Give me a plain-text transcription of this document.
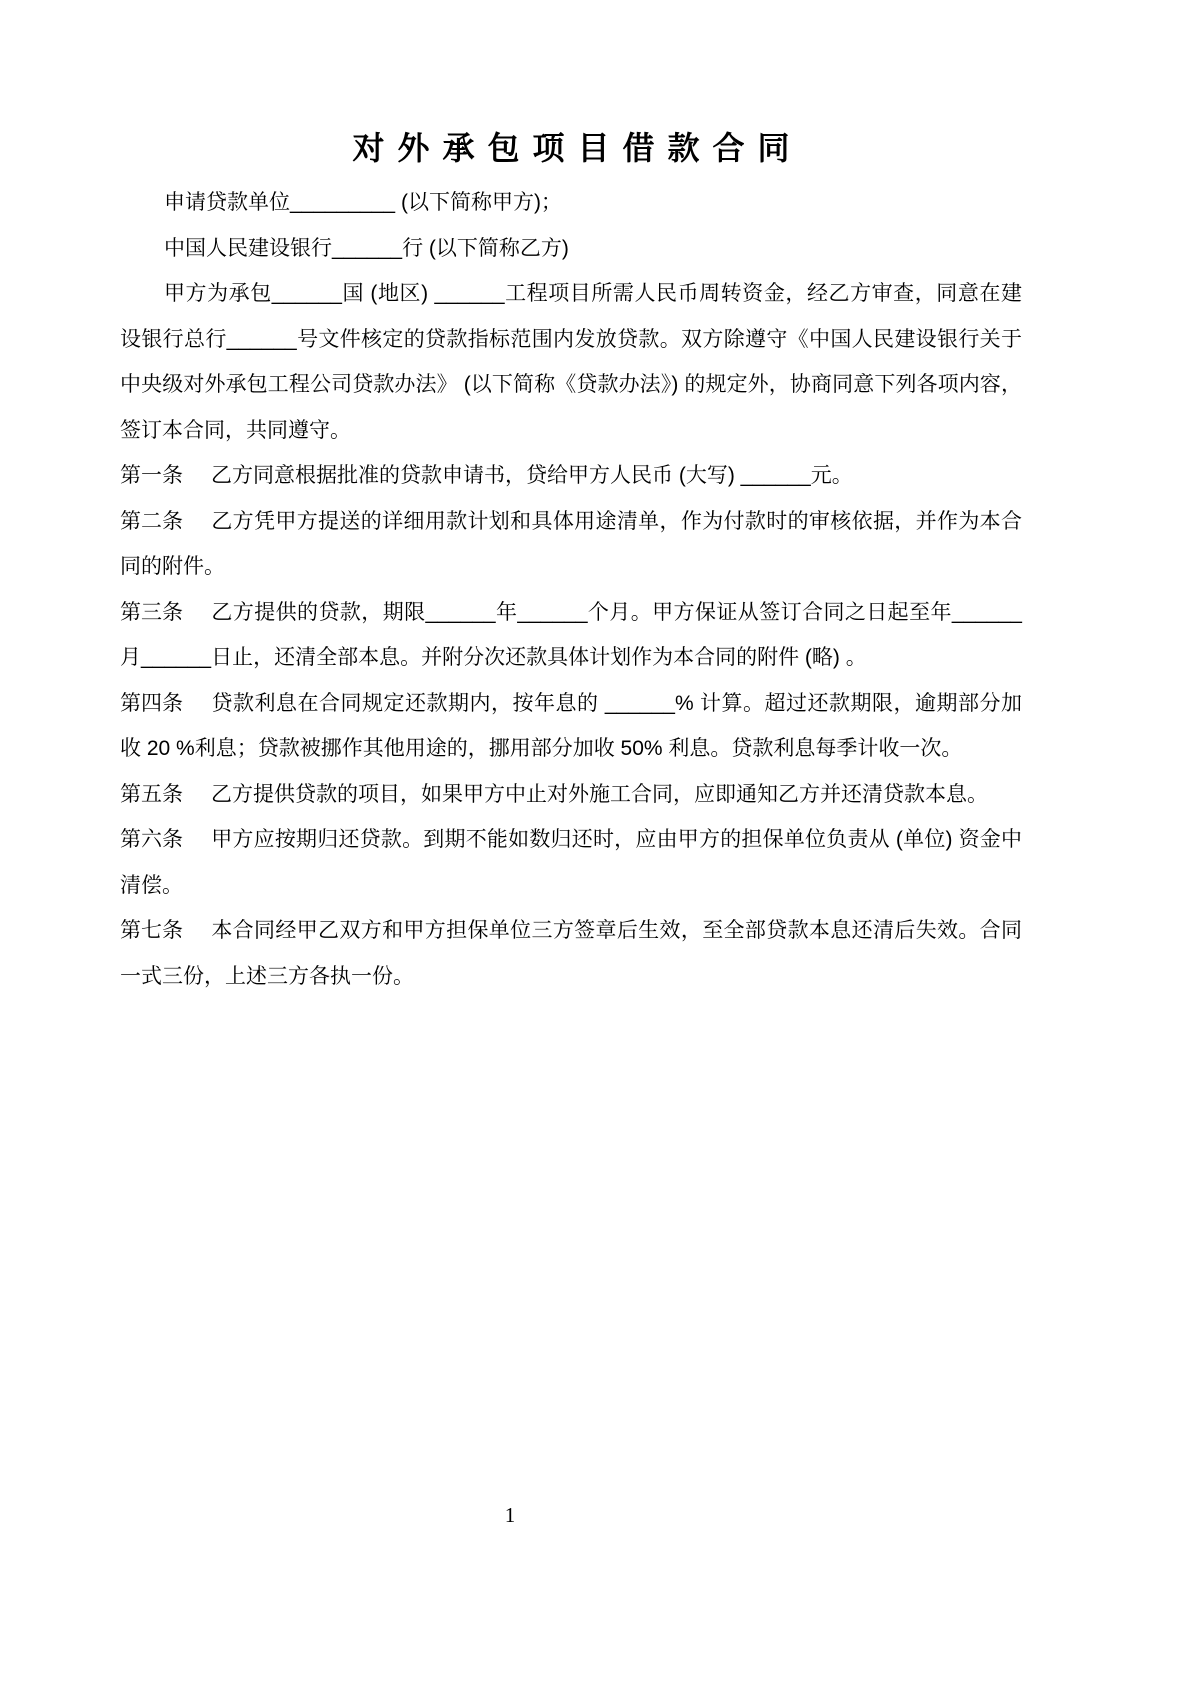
对外承包项目借款合同

申请贷款单位_________ (以下简称甲方)；

中国人民建设银行______行 (以下简称乙方)

甲方为承包______国 (地区) ______工程项目所需人民币周转资金，经乙方审查，同意在建设银行总行______号文件核定的贷款指标范围内发放贷款。双方除遵守《中国人民建设银行关于中央级对外承包工程公司贷款办法》 (以下简称《贷款办法》) 的规定外，协商同意下列各项内容，签订本合同，共同遵守。

第一条 乙方同意根据批准的贷款申请书，贷给甲方人民币 (大写) ______元。

第二条 乙方凭甲方提送的详细用款计划和具体用途清单，作为付款时的审核依据，并作为本合同的附件。

第三条 乙方提供的贷款，期限______年______个月。甲方保证从签订合同之日起至年______月______日止，还清全部本息。并附分次还款具体计划作为本合同的附件 (略) 。

第四条 贷款利息在合同规定还款期内，按年息的 ______% 计算。超过还款期限，逾期部分加收 20 %利息；贷款被挪作其他用途的，挪用部分加收 50% 利息。贷款利息每季计收一次。

第五条 乙方提供贷款的项目，如果甲方中止对外施工合同，应即通知乙方并还清贷款本息。

第六条 甲方应按期归还贷款。到期不能如数归还时，应由甲方的担保单位负责从 (单位) 资金中清偿。

第七条 本合同经甲乙双方和甲方担保单位三方签章后生效，至全部贷款本息还清后失效。合同一式三份，上述三方各执一份。

1
